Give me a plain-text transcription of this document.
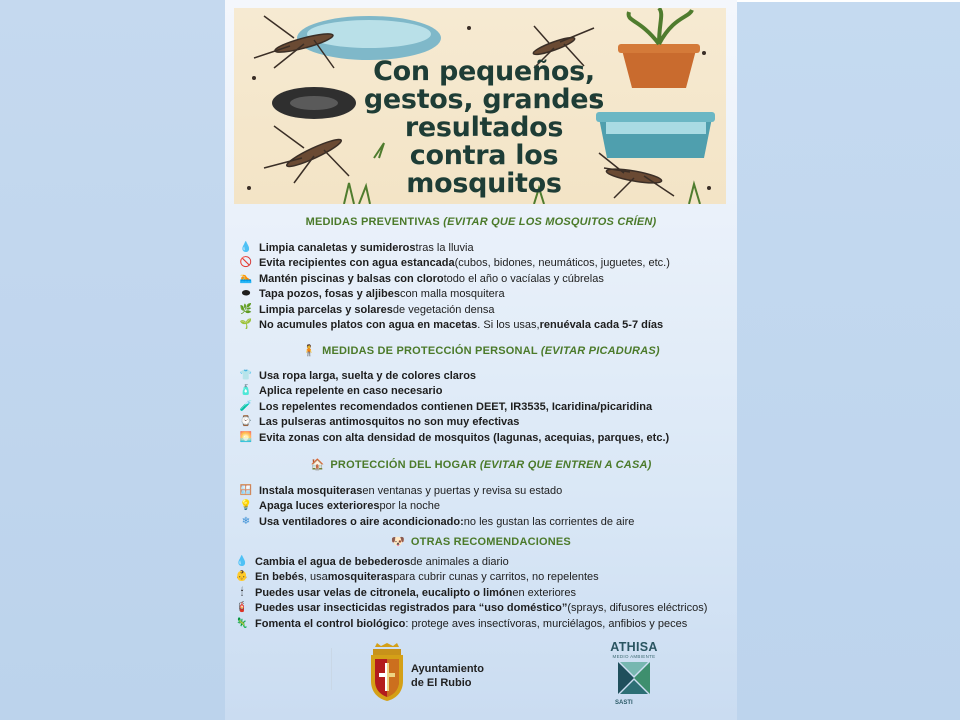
Con pequeños,
gestos, grandes
resultados
contra los
mosquitos
MEDIDAS PREVENTIVAS (EVITAR QUE LOS MOSQUITOS CRÍEN)
💧 Limpia canaletas y sumideros tras la lluvia
🚫 Evita recipientes con agua estancada (cubos, bidones, neumáticos, juguetes, etc.)
🏊 Mantén piscinas y balsas con cloro todo el año o vacíalas y cúbrelas
⬬ Tapa pozos, fosas y aljibes con malla mosquitera
🌿 Limpia parcelas y solares de vegetación densa
🌱 No acumules platos con agua en macetas . Si los usas, renuévala cada 5-7 días
🧍 MEDIDAS DE PROTECCIÓN PERSONAL (EVITAR PICADURAS)
👕 Usa ropa larga, suelta y de colores claros
🧴 Aplica repelente en caso necesario
🧪 Los repelentes recomendados contienen DEET, IR3535, Icaridina/picaridina
⌚ Las pulseras antimosquitos no son muy efectivas
🌅 Evita zonas con alta densidad de mosquitos (lagunas, acequias, parques, etc.)
🏠 PROTECCIÓN DEL HOGAR (EVITAR QUE ENTREN A CASA)
🪟 Instala mosquiteras en ventanas y puertas y revisa su estado
💡 Apaga luces exteriores por la noche
❄ Usa ventiladores o aire acondicionado: no les gustan las corrientes de aire
🐶 OTRAS RECOMENDACIONES
💧 Cambia el agua de bebederos de animales a diario
👶 En bebés , usa mosquiteras para cubrir cunas y carritos, no repelentes
🕯	Puedes usar velas de citronela, eucalipto o limón en exteriores
🧯 Puedes usar insecticidas registrados para “uso doméstico” (sprays, difusores eléctricos)
🦎 Fomenta el control biológico : protege aves insectívoras, murciélagos, anfibios y peces
Ayuntamiento
de El Rubio
ATHISA
MEDIO AMBIENTE
SASTI
